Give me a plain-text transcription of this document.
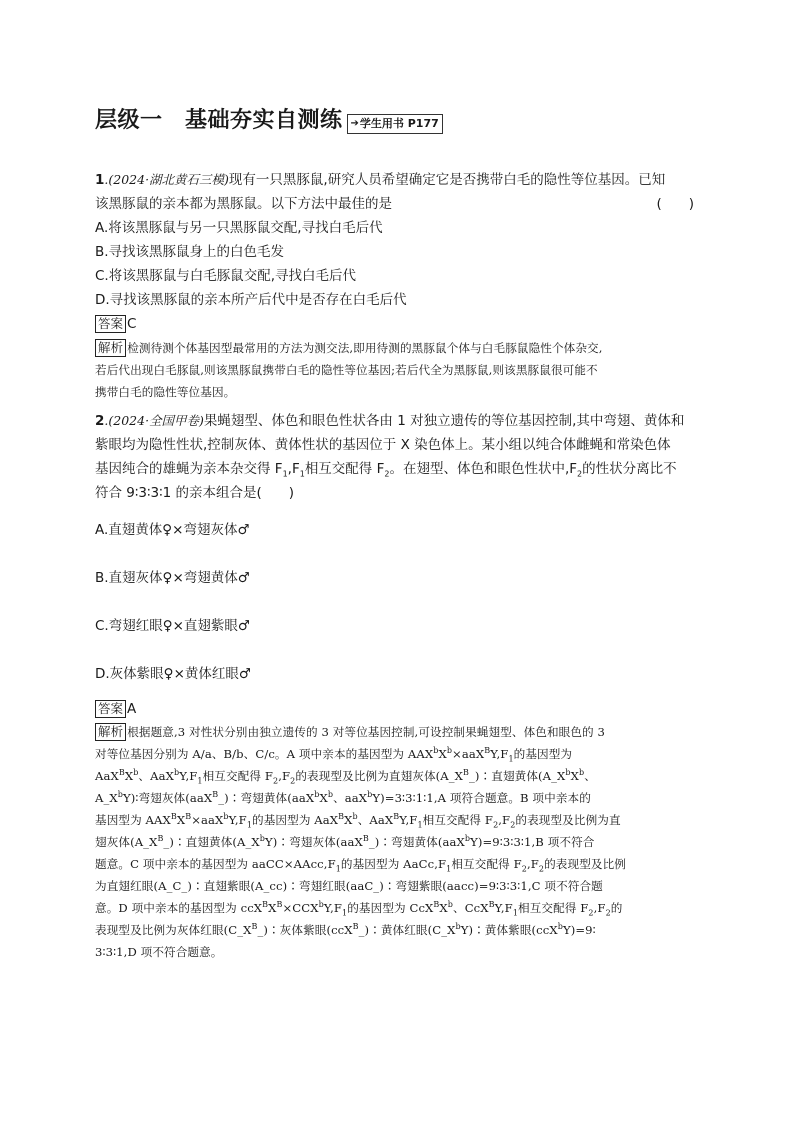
层级一　基础夯实自测练 ➔ 学生用书 P177

1.(2024·湖北黄石三模)现有一只黑豚鼠,研究人员希望确定它是否携带白毛的隐性等位基因。已知

该黑豚鼠的亲本都为黑豚鼠。以下方法中最佳的是	(　　)

A.将该黑豚鼠与另一只黑豚鼠交配,寻找白毛后代

B.寻找该黑豚鼠身上的白色毛发

C.将该黑豚鼠与白毛豚鼠交配,寻找白毛后代

D.寻找该黑豚鼠的亲本所产后代中是否存在白毛后代

答案 C

解析 检测待测个体基因型最常用的方法为测交法,即用待测的黑豚鼠个体与白毛豚鼠隐性个体杂交,

若后代出现白毛豚鼠,则该黑豚鼠携带白毛的隐性等位基因;若后代全为黑豚鼠,则该黑豚鼠很可能不

携带白毛的隐性等位基因。

2.(2024·全国甲卷)果蝇翅型、体色和眼色性状各由 1 对独立遗传的等位基因控制,其中弯翅、黄体和

紫眼均为隐性性状,控制灰体、黄体性状的基因位于 X 染色体上。某小组以纯合体雌蝇和常染色体

基因纯合的雄蝇为亲本杂交得 $F_1,F_1$相互交配得 $F_2$。在翅型、体色和眼色性状中$,F_2$的性状分离比不

符合 9∶3∶3∶1 的亲本组合是(　　)

A.直翅黄体♀×弯翅灰体♂
B.直翅灰体♀×弯翅黄体♂
C.弯翅红眼♀×直翅紫眼♂
D.灰体紫眼♀×黄体红眼♂
答案 A

解析 根据题意,3 对性状分别由独立遗传的 3 对等位基因控制,可设控制果蝇翅型、体色和眼色的 3

对等位基因分别为 A/a、B/b、C/c。A 项中亲本的基因型为 $AAX^bX^b\times aaX^BY,F_1$的基因型为

$AaX^BX^b$、$AaX^bY,F_1$相互交配得 $F_2,F_2$的表现型及比例为直翅灰体$(A\_X^B\_)∶$直翅黄体($A\_X^bX^b$、

$A\_X^bY)∶$弯翅灰体(aaX$^B$_)∶弯翅黄体($aaX^bX^b$、aaX$^b$Y)=3∶3∶1∶1,A 项符合题意。B 项中亲本的

基因型为 $AAX^BX^B\times aaX^bY,F_1$的基因型为 $AaX^BX^b$、$AaX^BY,F_1$相互交配得 $F_2,F_2$的表现型及比例为直

翅灰体$(A\_X^B\_)∶$直翅黄体$(A\_X^bY)∶$弯翅灰体(aaX$^B$_)∶弯翅黄体(aaX$^b$Y)=9∶3∶3∶1,B 项不符合

题意。C 项中亲本的基因型为 $aaCC\times AAcc,F_1$的基因型为 $AaCc,F_1$相互交配得 $F_2,F_2$的表现型及比例

为直翅红眼(A_C_)∶直翅紫眼(A_cc)∶弯翅红眼(aaC_)∶弯翅紫眼(aacc)=9∶3∶3∶1,C 项不符合题

意。D 项中亲本的基因型为 $ccX^BX^B\times CCX^bY,F_1$的基因型为 $CcX^BX^b$、$CcX^BY,F_1$相互交配得 $F_2,F_2$的

表现型及比例为灰体红眼$(C\_X^B\_)∶$灰体紫眼(ccX$^B$_)∶黄体红眼$(C\_X^bY)∶$黄体紫眼(ccX$^b$Y)=9∶

3∶3∶1,D 项不符合题意。
